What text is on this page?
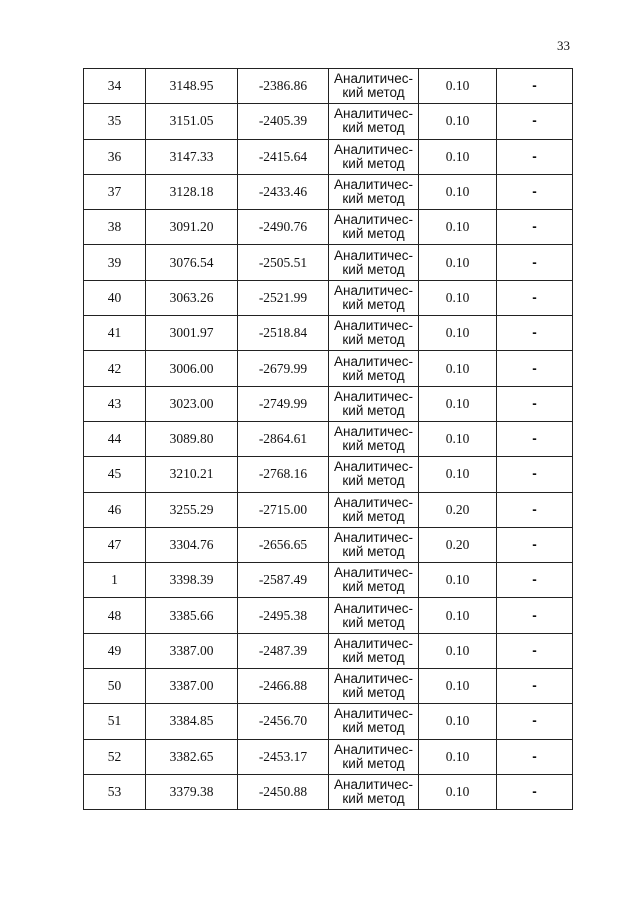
33
34	3148.95	-2386.86	Аналитичес-
кий метод	0.10	-
35	3151.05	-2405.39	Аналитичес-
кий метод	0.10	-
36	3147.33	-2415.64	Аналитичес-
кий метод	0.10	-
37	3128.18	-2433.46	Аналитичес-
кий метод	0.10	-
38	3091.20	-2490.76	Аналитичес-
кий метод	0.10	-
39	3076.54	-2505.51	Аналитичес-
кий метод	0.10	-
40	3063.26	-2521.99	Аналитичес-
кий метод	0.10	-
41	3001.97	-2518.84	Аналитичес-
кий метод	0.10	-
42	3006.00	-2679.99	Аналитичес-
кий метод	0.10	-
43	3023.00	-2749.99	Аналитичес-
кий метод	0.10	-
44	3089.80	-2864.61	Аналитичес-
кий метод	0.10	-
45	3210.21	-2768.16	Аналитичес-
кий метод	0.10	-
46	3255.29	-2715.00	Аналитичес-
кий метод	0.20	-
47	3304.76	-2656.65	Аналитичес-
кий метод	0.20	-
1	3398.39	-2587.49	Аналитичес-
кий метод	0.10	-
48	3385.66	-2495.38	Аналитичес-
кий метод	0.10	-
49	3387.00	-2487.39	Аналитичес-
кий метод	0.10	-
50	3387.00	-2466.88	Аналитичес-
кий метод	0.10	-
51	3384.85	-2456.70	Аналитичес-
кий метод	0.10	-
52	3382.65	-2453.17	Аналитичес-
кий метод	0.10	-
53	3379.38	-2450.88	Аналитичес-
кий метод	0.10	-
